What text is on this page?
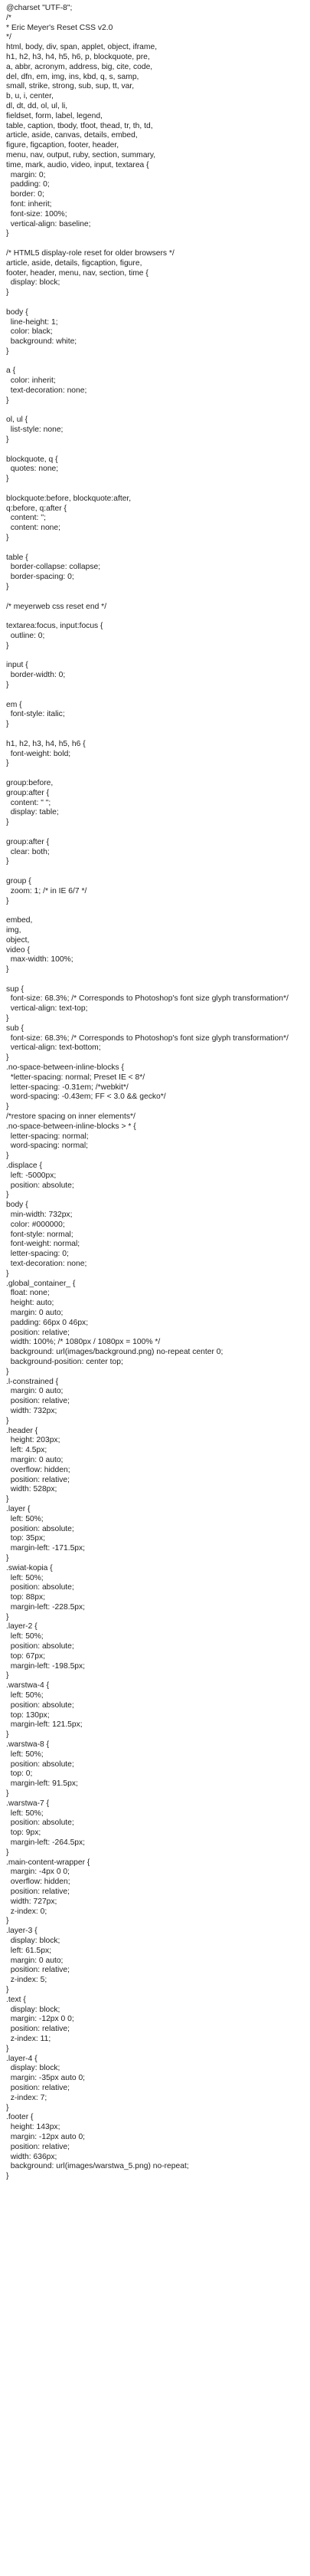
@charset "UTF-8";
/*
* Eric Meyer's Reset CSS v2.0
*/
html, body, div, span, applet, object, iframe,
h1, h2, h3, h4, h5, h6, p, blockquote, pre,
a, abbr, acronym, address, big, cite, code,
del, dfn, em, img, ins, kbd, q, s, samp,
small, strike, strong, sub, sup, tt, var,
b, u, i, center,
dl, dt, dd, ol, ul, li,
fieldset, form, label, legend,
table, caption, tbody, tfoot, thead, tr, th, td,
article, aside, canvas, details, embed,
figure, figcaption, footer, header,
menu, nav, output, ruby, section, summary,
time, mark, audio, video, input, textarea {
margin: 0;
padding: 0;
border: 0;
font: inherit;
font-size: 100%;
vertical-align: baseline;
}

/* HTML5 display-role reset for older browsers */
article, aside, details, figcaption, figure,
footer, header, menu, nav, section, time {
display: block;
}

body {
line-height: 1;
color: black;
background: white;
}

a {
color: inherit;
text-decoration: none;
}

ol, ul {
list-style: none;
}

blockquote, q {
quotes: none;
}

blockquote:before, blockquote:after,
q:before, q:after {
content: '';
content: none;
}

table {
border-collapse: collapse;
border-spacing: 0;
}

/* meyerweb css reset end */

textarea:focus, input:focus {
outline: 0;
}

input {
border-width: 0;
}

em {
font-style: italic;
}

h1, h2, h3, h4, h5, h6 {
font-weight: bold;
}

group:before,
group:after {
content: " ";
display: table;
}

group:after {
clear: both;
}

group {
zoom: 1; /* in IE 6/7 */
}

embed,
img,
object,
video {
max-width: 100%;
}

sup {
font-size: 68.3%; /* Corresponds to Photoshop's font size glyph transformation*/
vertical-align: text-top;
}
sub {
font-size: 68.3%; /* Corresponds to Photoshop's font size glyph transformation*/
vertical-align: text-bottom;
}
.no-space-between-inline-blocks {
*letter-spacing: normal; Preset IE < 8*/
letter-spacing: -0.31em; /*webkit*/
word-spacing: -0.43em; FF < 3.0 && gecko*/
}
/*restore spacing on inner elements*/
.no-space-between-inline-blocks > * {
letter-spacing: normal;
word-spacing: normal;
}
.displace {
left: -5000px;
position: absolute;
}
body {
min-width: 732px;
color: #000000;
font-style: normal;
font-weight: normal;
letter-spacing: 0;
text-decoration: none;
}
.global_container_ {
float: none;
height: auto;
margin: 0 auto;
padding: 66px 0 46px;
position: relative;
width: 100%; /* 1080px / 1080px = 100% */
background: url(images/background.png) no-repeat center 0;
background-position: center top;
}
.l-constrained {
margin: 0 auto;
position: relative;
width: 732px;
}
.header {
height: 203px;
left: 4.5px;
margin: 0 auto;
overflow: hidden;
position: relative;
width: 528px;
}
.layer {
left: 50%;
position: absolute;
top: 35px;
margin-left: -171.5px;
}
.swiat-kopia {
left: 50%;
position: absolute;
top: 88px;
margin-left: -228.5px;
}
.layer-2 {
left: 50%;
position: absolute;
top: 67px;
margin-left: -198.5px;
}
.warstwa-4 {
left: 50%;
position: absolute;
top: 130px;
margin-left: 121.5px;
}
.warstwa-8 {
left: 50%;
position: absolute;
top: 0;
margin-left: 91.5px;
}
.warstwa-7 {
left: 50%;
position: absolute;
top: 9px;
margin-left: -264.5px;
}
.main-content-wrapper {
margin: -4px 0 0;
overflow: hidden;
position: relative;
width: 727px;
z-index: 0;
}
.layer-3 {
display: block;
left: 61.5px;
margin: 0 auto;
position: relative;
z-index: 5;
}
.text {
display: block;
margin: -12px 0 0;
position: relative;
z-index: 11;
}
.layer-4 {
display: block;
margin: -35px auto 0;
position: relative;
z-index: 7;
}
.footer {
height: 143px;
margin: -12px auto 0;
position: relative;
width: 636px;
background: url(images/warstwa_5.png) no-repeat;
}
